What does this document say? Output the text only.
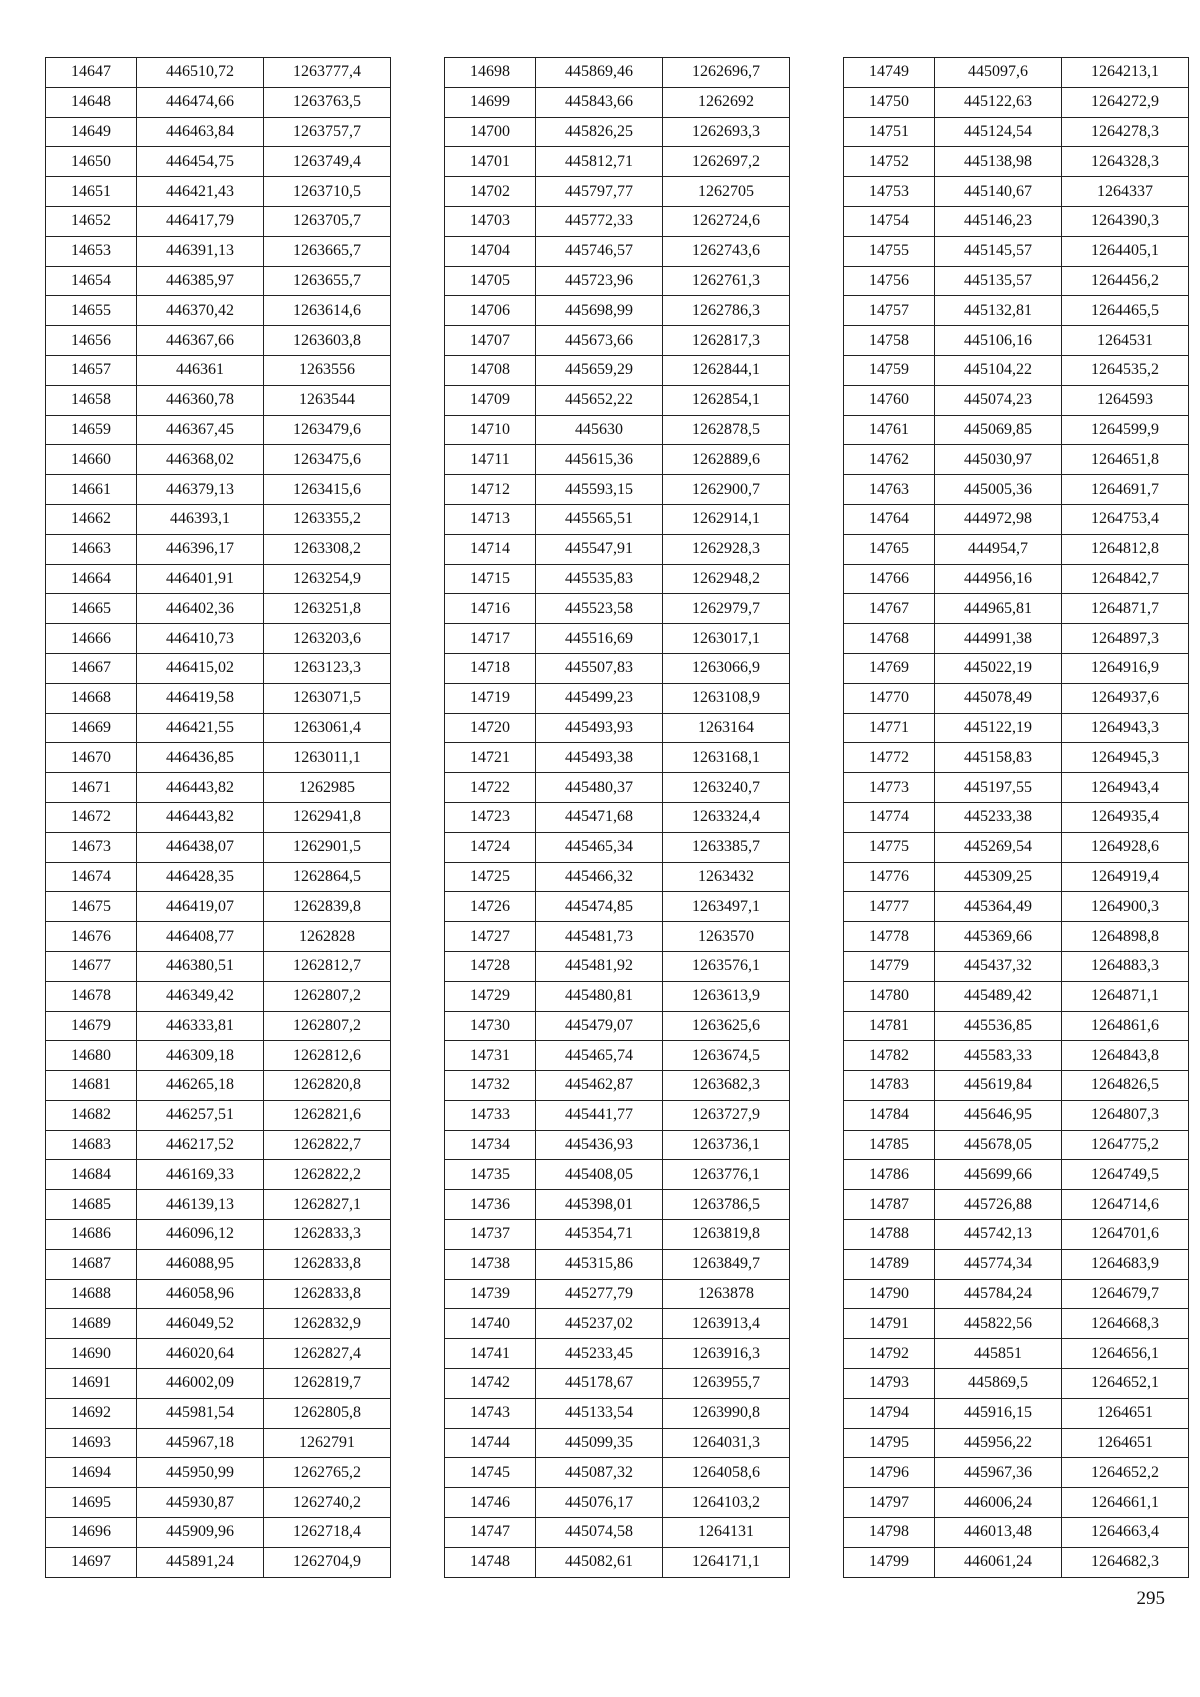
14647	446510,72	1263777,4
14648	446474,66	1263763,5
14649	446463,84	1263757,7
14650	446454,75	1263749,4
14651	446421,43	1263710,5
14652	446417,79	1263705,7
14653	446391,13	1263665,7
14654	446385,97	1263655,7
14655	446370,42	1263614,6
14656	446367,66	1263603,8
14657	446361	1263556
14658	446360,78	1263544
14659	446367,45	1263479,6
14660	446368,02	1263475,6
14661	446379,13	1263415,6
14662	446393,1	1263355,2
14663	446396,17	1263308,2
14664	446401,91	1263254,9
14665	446402,36	1263251,8
14666	446410,73	1263203,6
14667	446415,02	1263123,3
14668	446419,58	1263071,5
14669	446421,55	1263061,4
14670	446436,85	1263011,1
14671	446443,82	1262985
14672	446443,82	1262941,8
14673	446438,07	1262901,5
14674	446428,35	1262864,5
14675	446419,07	1262839,8
14676	446408,77	1262828
14677	446380,51	1262812,7
14678	446349,42	1262807,2
14679	446333,81	1262807,2
14680	446309,18	1262812,6
14681	446265,18	1262820,8
14682	446257,51	1262821,6
14683	446217,52	1262822,7
14684	446169,33	1262822,2
14685	446139,13	1262827,1
14686	446096,12	1262833,3
14687	446088,95	1262833,8
14688	446058,96	1262833,8
14689	446049,52	1262832,9
14690	446020,64	1262827,4
14691	446002,09	1262819,7
14692	445981,54	1262805,8
14693	445967,18	1262791
14694	445950,99	1262765,2
14695	445930,87	1262740,2
14696	445909,96	1262718,4
14697	445891,24	1262704,9
14698	445869,46	1262696,7
14699	445843,66	1262692
14700	445826,25	1262693,3
14701	445812,71	1262697,2
14702	445797,77	1262705
14703	445772,33	1262724,6
14704	445746,57	1262743,6
14705	445723,96	1262761,3
14706	445698,99	1262786,3
14707	445673,66	1262817,3
14708	445659,29	1262844,1
14709	445652,22	1262854,1
14710	445630	1262878,5
14711	445615,36	1262889,6
14712	445593,15	1262900,7
14713	445565,51	1262914,1
14714	445547,91	1262928,3
14715	445535,83	1262948,2
14716	445523,58	1262979,7
14717	445516,69	1263017,1
14718	445507,83	1263066,9
14719	445499,23	1263108,9
14720	445493,93	1263164
14721	445493,38	1263168,1
14722	445480,37	1263240,7
14723	445471,68	1263324,4
14724	445465,34	1263385,7
14725	445466,32	1263432
14726	445474,85	1263497,1
14727	445481,73	1263570
14728	445481,92	1263576,1
14729	445480,81	1263613,9
14730	445479,07	1263625,6
14731	445465,74	1263674,5
14732	445462,87	1263682,3
14733	445441,77	1263727,9
14734	445436,93	1263736,1
14735	445408,05	1263776,1
14736	445398,01	1263786,5
14737	445354,71	1263819,8
14738	445315,86	1263849,7
14739	445277,79	1263878
14740	445237,02	1263913,4
14741	445233,45	1263916,3
14742	445178,67	1263955,7
14743	445133,54	1263990,8
14744	445099,35	1264031,3
14745	445087,32	1264058,6
14746	445076,17	1264103,2
14747	445074,58	1264131
14748	445082,61	1264171,1
14749	445097,6	1264213,1
14750	445122,63	1264272,9
14751	445124,54	1264278,3
14752	445138,98	1264328,3
14753	445140,67	1264337
14754	445146,23	1264390,3
14755	445145,57	1264405,1
14756	445135,57	1264456,2
14757	445132,81	1264465,5
14758	445106,16	1264531
14759	445104,22	1264535,2
14760	445074,23	1264593
14761	445069,85	1264599,9
14762	445030,97	1264651,8
14763	445005,36	1264691,7
14764	444972,98	1264753,4
14765	444954,7	1264812,8
14766	444956,16	1264842,7
14767	444965,81	1264871,7
14768	444991,38	1264897,3
14769	445022,19	1264916,9
14770	445078,49	1264937,6
14771	445122,19	1264943,3
14772	445158,83	1264945,3
14773	445197,55	1264943,4
14774	445233,38	1264935,4
14775	445269,54	1264928,6
14776	445309,25	1264919,4
14777	445364,49	1264900,3
14778	445369,66	1264898,8
14779	445437,32	1264883,3
14780	445489,42	1264871,1
14781	445536,85	1264861,6
14782	445583,33	1264843,8
14783	445619,84	1264826,5
14784	445646,95	1264807,3
14785	445678,05	1264775,2
14786	445699,66	1264749,5
14787	445726,88	1264714,6
14788	445742,13	1264701,6
14789	445774,34	1264683,9
14790	445784,24	1264679,7
14791	445822,56	1264668,3
14792	445851	1264656,1
14793	445869,5	1264652,1
14794	445916,15	1264651
14795	445956,22	1264651
14796	445967,36	1264652,2
14797	446006,24	1264661,1
14798	446013,48	1264663,4
14799	446061,24	1264682,3
295
